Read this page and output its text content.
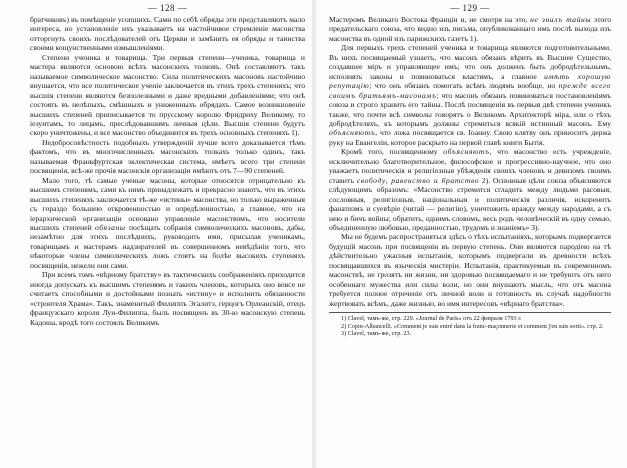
— 128 —

братчиковъ) въ помѣщенiе усопшихъ. Сами по себѣ обряды эти представляютъ мало интереса, но установленiе ихъ указываетъ на настойчивое стремленiе масонства отторгнуть своихъ послѣдователей отъ Церкви и замѣнить ея обряды и таинства своими кощунственными измышленiями.

Степени ученика и товарища. Три первыя степени—ученика, товарища и мастера являются основою всѣхъ масонскихъ толковъ. Онѣ составляютъ такъ называемое символическое масонство. Сила политическихъ масоновъ настойчиво внушается, что все политическое ученiе заключается въ этихъ трехъ степеняхъ; что высшiя степени являются безполезными и даже вредными добавленiями; что онѣ состоять въ нелѣпыхъ, смѣшныхъ и униженныхъ обрядахъ. Самое возникновенiе высшихъ степеней приписывается то прусскому королю Фридриху Великому, то iезуитамъ, то лицамъ, преслѣдовавшимъ личныя цѣли. Высшiя степени будутъ скоро уничтожены, и все масонство объединится въ трехъ основныхъ степеняхъ 1).

Недобросовѣстность подобныхъ утвержденiй лучше всего доказывается тѣмъ фактомъ, что въ многочисленныхъ масонскихъ толкахъ только одинъ, такъ называемая Франкфуртская эклектическая система, имѣетъ всего три степени посвященiя, всѣ-же прочiя масонскiя организацiи имѣютъ отъ 7—90 степеней.

Мало того, тѣ самые ученые масоны, которые относятся отрицательно къ высшимъ степенямъ, сами къ нимъ принадлежатъ и прекрасно знаютъ, что въ этихъ высшихъ степеняхъ заключается тѣ-же «истины» масонства, но только выраженныя съ гораздо большею откровенностью и опредѣленностью, а главное, что на iерархической организацiи основано управленiе масонствомъ, что носители высшихъ степеней обязаны посѣщать собранiя символическихъ масоновъ, дабы, незамѣтно для этихъ послѣднихъ, руководить ими, присылая ученикамъ, товарищамъ и мастерамъ надзирателей въ совершенномъ невѣдѣнiи того, что нѣкоторые члены символическихъ ложъ стоятъ на болѣе высокихъ ступеняхъ посвященiя, нежели они сами.

При всемъ томъ «вѣрному братству» въ тактическихъ соображенiяхъ приходится иногда допускать къ высшимъ степенямъ и такихъ членовъ, которыхъ оно вовсе не считаетъ способными и достойными познать «истину» и исполнить обязанности «строителя Храма». Такъ, знаменитый Филиппъ Эгалитэ, герцогъ Орлеанскiй, отецъ французскаго короля Луи-Филиппа, былъ посвященъ въ 30-ю масонскую степень Кадоша, вродѣ того состоялъ Великимъ

— 129 —

Мастеромъ Великаго Востока Францiи и, не смотря на это, не зналъ тайны этого предательскаго союза, что видно изъ письма, опубликованнаго имъ послѣ выхода изъ масонства въ одной изъ парижскихъ газетъ 1).

Для первыхъ трехъ степеней ученика и товарища являются подготовительными. Въ нихъ посвящаемый узнаетъ, что масонъ обязанъ вѣрить въ Высшее Существо, создавшее мiръ и управляющее имъ; что онъ долженъ быть добродѣтельнымъ, исполнять законы и повиноваться властямъ, а главное имѣть хорошую репутацiю; что онъ обязанъ помогать всѣмъ людямъ вообще, но прежде всего своимъ братьямъ-масонамъ; что масонъ обязанъ повиноваться постановленiямъ союза и строго хранить его тайны. Послѣ посвященiя въ первыя двѣ степени ученикъ также, что почти всѣ символы говорятъ о Великомъ Архитекторѣ мiра, или о тѣхъ добродѣтеляхъ, къ которымъ должны стремиться всякiй истинный масонъ. Ему объясняютъ, что ложа посвящается св. Iоанну. Свою клятву онъ приноситъ держа руку на Евангелiи, которое раскрыто на первой главѣ книги Бытiя.

Кромѣ того, посвященному объясняютъ, что масонство есть учрежденiе, исключительно благотворительное, философское и прогрессивно-научное, что оно уважаетъ политическiя и религiозныя убѣжденiя своихъ членовъ и девизомъ своимъ ставитъ свободу, равенство и братство 2). Основныя цѣли союза объясняются слѣдующимъ образомъ: «Масонство стремится сгладить между людьми расовыя, сословныя, религiозныя, нацiональныя и политическiя различiя, искоренить фанатизмъ и суевѣрiе (читай — религiю), уничтожить вражду между народами, а съ нею и бичъ войны; обратить, однимъ словомъ, весь родъ человѣческiй въ одну семью, объединенную любовью, преданностью, трудомъ и знанiемъ» 3).

Мы не будемъ распространяться здѣсь о тѣхъ испытанiяхъ, которымъ подвергается будущiй масонъ при посвященiи въ первую степень. Они являются пародiею на тѣ дѣйствительно ужасныя испытанiя, которымъ подвергали въ древности всѣхъ посвящавшихся въ языческiя мистерiи. Испытанiя, практикуемыя въ современномъ масонствѣ, не грозятъ ни жизни, ни здоровью посвящаемаго и не требуютъ отъ него особеннаго мужества или силы воли, но они внушаютъ мысль, что отъ масона требуется полное отреченiе отъ личной воли и готовность въ случаѣ надобности жертвовать всѣмъ, даже жизнью, во имя интересовъ «вѣрнаго братства».

1) Clavel, тамъ-же, стр. 229. «Journal de Paris» отъ 22 февраля 1793 г.
2) Copin-Albancelli. «Comment je suis entré dans la franc-maçonnerie et comment j'en suis sorti». стр. 2.
3) Clavel, тамъ-же, стр. 23.
